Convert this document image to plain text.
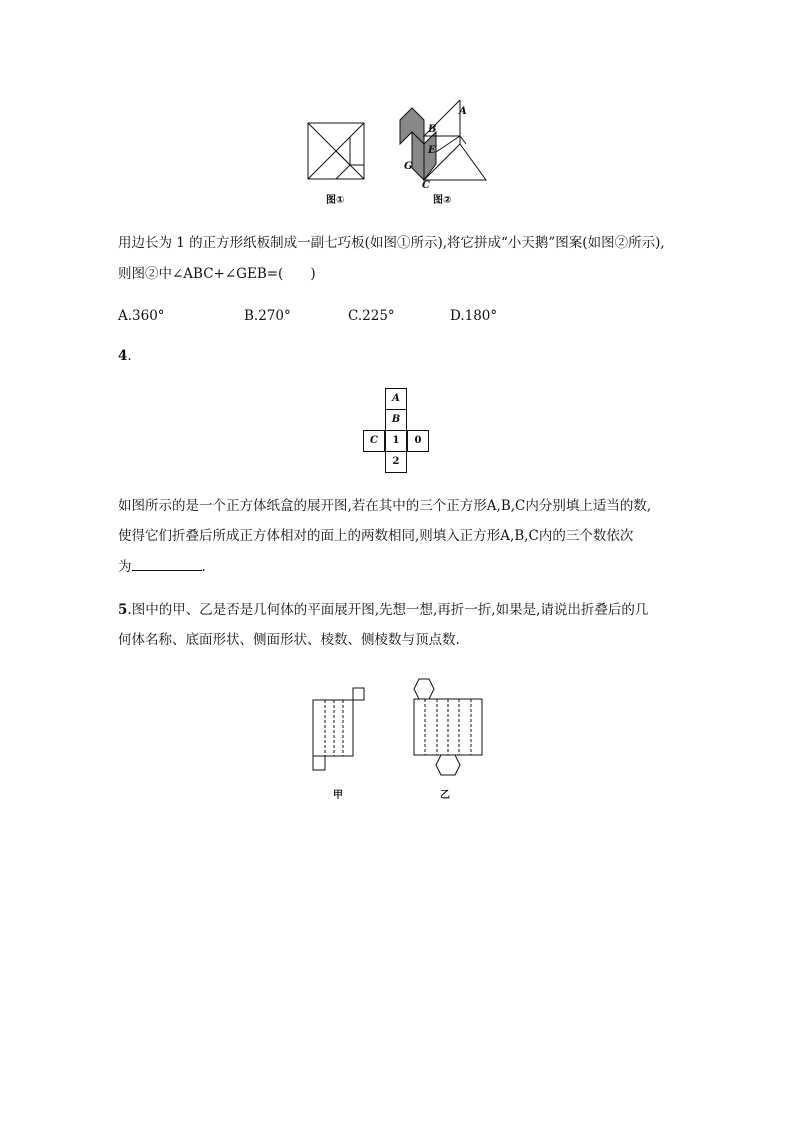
图①
A
B
E
G
C
图②
用边长为 1 的正方形纸板制成一副七巧板(如图①所示),将它拼成“小天鹅”图案(如图②所示),
则图②中∠ABC+∠GEB=(　　)
A.360°	B.270°	C.225°	D.180°
4.
A
B
C	1	0
2
如图所示的是一个正方体纸盒的展开图,若在其中的三个正方形A,B,C内分别填上适当的数,
使得它们折叠后所成正方体相对的面上的两数相同,则填入正方形A,B,C内的三个数依次
为	.
5.图中的甲、乙是否是几何体的平面展开图,先想一想,再折一折,如果是,请说出折叠后的几
何体名称、底面形状、侧面形状、棱数、侧棱数与顶点数.
甲	乙
